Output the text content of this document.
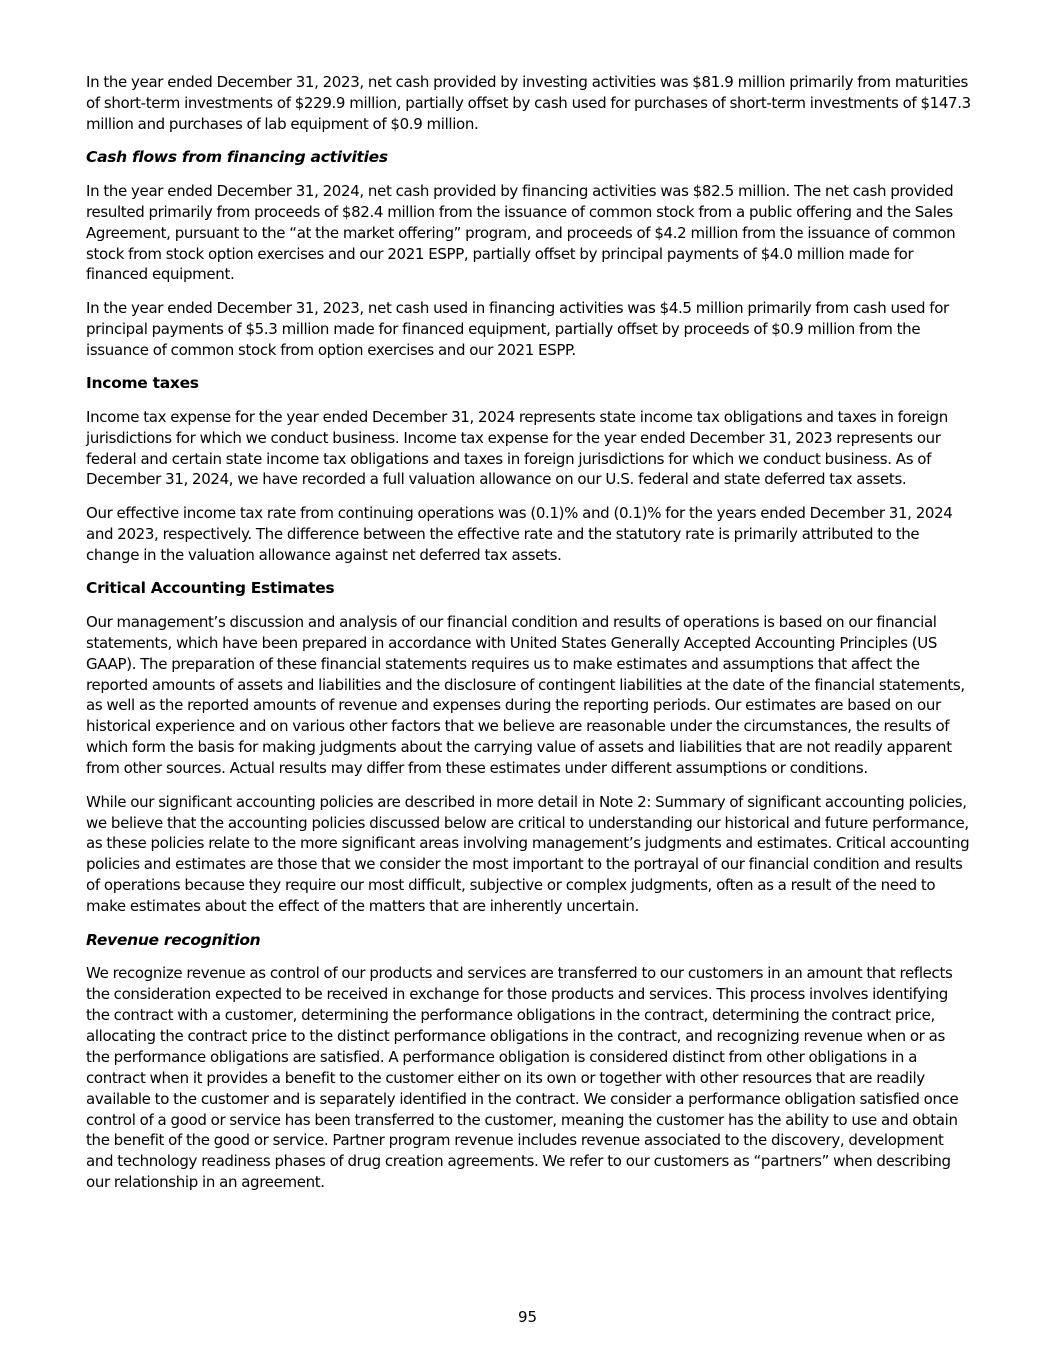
In the year ended December 31, 2023, net cash provided by investing activities was $81.9 million primarily from maturities of short-term investments of $229.9 million, partially offset by cash used for purchases of short-term investments of $147.3 million and purchases of lab equipment of $0.9 million.

Cash flows from financing activities

In the year ended December 31, 2024, net cash provided by financing activities was $82.5 million. The net cash provided resulted primarily from proceeds of $82.4 million from the issuance of common stock from a public offering and the Sales Agreement, pursuant to the “at the market offering” program, and proceeds of $4.2 million from the issuance of common stock from stock option exercises and our 2021 ESPP, partially offset by principal payments of $4.0 million made for financed equipment.

In the year ended December 31, 2023, net cash used in financing activities was $4.5 million primarily from cash used for principal payments of $5.3 million made for financed equipment, partially offset by proceeds of $0.9 million from the issuance of common stock from option exercises and our 2021 ESPP.

Income taxes

Income tax expense for the year ended December 31, 2024 represents state income tax obligations and taxes in foreign jurisdictions for which we conduct business. Income tax expense for the year ended December 31, 2023 represents our federal and certain state income tax obligations and taxes in foreign jurisdictions for which we conduct business. As of December 31, 2024, we have recorded a full valuation allowance on our U.S. federal and state deferred tax assets.

Our effective income tax rate from continuing operations was (0.1)% and (0.1)% for the years ended December 31, 2024 and 2023, respectively. The difference between the effective rate and the statutory rate is primarily attributed to the change in the valuation allowance against net deferred tax assets.

Critical Accounting Estimates

Our management’s discussion and analysis of our financial condition and results of operations is based on our financial statements, which have been prepared in accordance with United States Generally Accepted Accounting Principles (US GAAP). The preparation of these financial statements requires us to make estimates and assumptions that affect the reported amounts of assets and liabilities and the disclosure of contingent liabilities at the date of the financial statements, as well as the reported amounts of revenue and expenses during the reporting periods. Our estimates are based on our historical experience and on various other factors that we believe are reasonable under the circumstances, the results of which form the basis for making judgments about the carrying value of assets and liabilities that are not readily apparent from other sources. Actual results may differ from these estimates under different assumptions or conditions.

While our significant accounting policies are described in more detail in Note 2: Summary of significant accounting policies, we believe that the accounting policies discussed below are critical to understanding our historical and future performance, as these policies relate to the more significant areas involving management’s judgments and estimates. Critical accounting policies and estimates are those that we consider the most important to the portrayal of our financial condition and results of operations because they require our most difficult, subjective or complex judgments, often as a result of the need to make estimates about the effect of the matters that are inherently uncertain.

Revenue recognition

We recognize revenue as control of our products and services are transferred to our customers in an amount that reflects the consideration expected to be received in exchange for those products and services. This process involves identifying the contract with a customer, determining the performance obligations in the contract, determining the contract price, allocating the contract price to the distinct performance obligations in the contract, and recognizing revenue when or as the performance obligations are satisfied. A performance obligation is considered distinct from other obligations in a contract when it provides a benefit to the customer either on its own or together with other resources that are readily available to the customer and is separately identified in the contract. We consider a performance obligation satisfied once control of a good or service has been transferred to the customer, meaning the customer has the ability to use and obtain the benefit of the good or service. Partner program revenue includes revenue associated to the discovery, development and technology readiness phases of drug creation agreements. We refer to our customers as “partners” when describing our relationship in an agreement.

95
